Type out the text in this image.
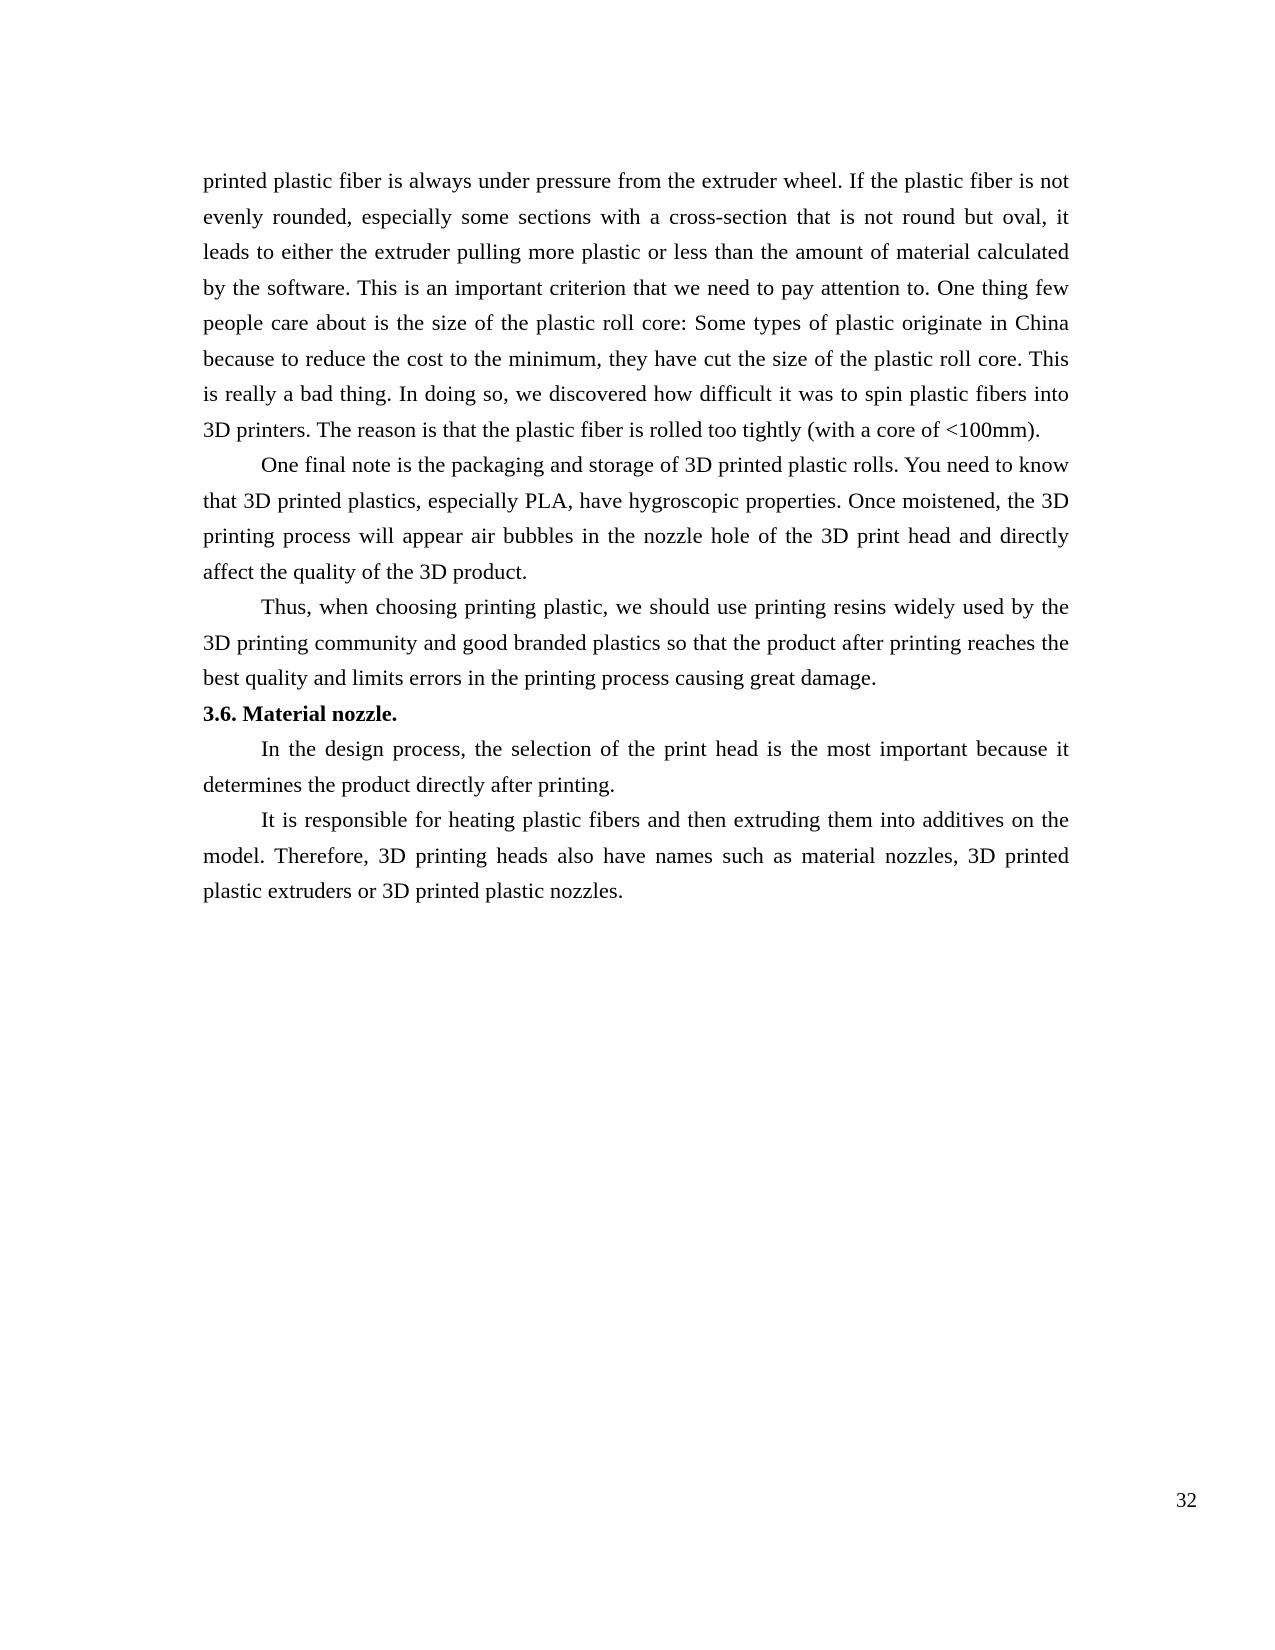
printed plastic fiber is always under pressure from the extruder wheel. If the plastic fiber is not evenly rounded, especially some sections with a cross-section that is not round but oval, it leads to either the extruder pulling more plastic or less than the amount of material calculated by the software. This is an important criterion that we need to pay attention to. One thing few people care about is the size of the plastic roll core: Some types of plastic originate in China because to reduce the cost to the minimum, they have cut the size of the plastic roll core. This is really a bad thing. In doing so, we discovered how difficult it was to spin plastic fibers into 3D printers. The reason is that the plastic fiber is rolled too tightly (with a core of <100mm).

One final note is the packaging and storage of 3D printed plastic rolls. You need to know that 3D printed plastics, especially PLA, have hygroscopic properties. Once moistened, the 3D printing process will appear air bubbles in the nozzle hole of the 3D print head and directly affect the quality of the 3D product.

Thus, when choosing printing plastic, we should use printing resins widely used by the 3D printing community and good branded plastics so that the product after printing reaches the best quality and limits errors in the printing process causing great damage.

3.6. Material nozzle.

In the design process, the selection of the print head is the most important because it determines the product directly after printing.

It is responsible for heating plastic fibers and then extruding them into additives on the model. Therefore, 3D printing heads also have names such as material nozzles, 3D printed plastic extruders or 3D printed plastic nozzles.

32
